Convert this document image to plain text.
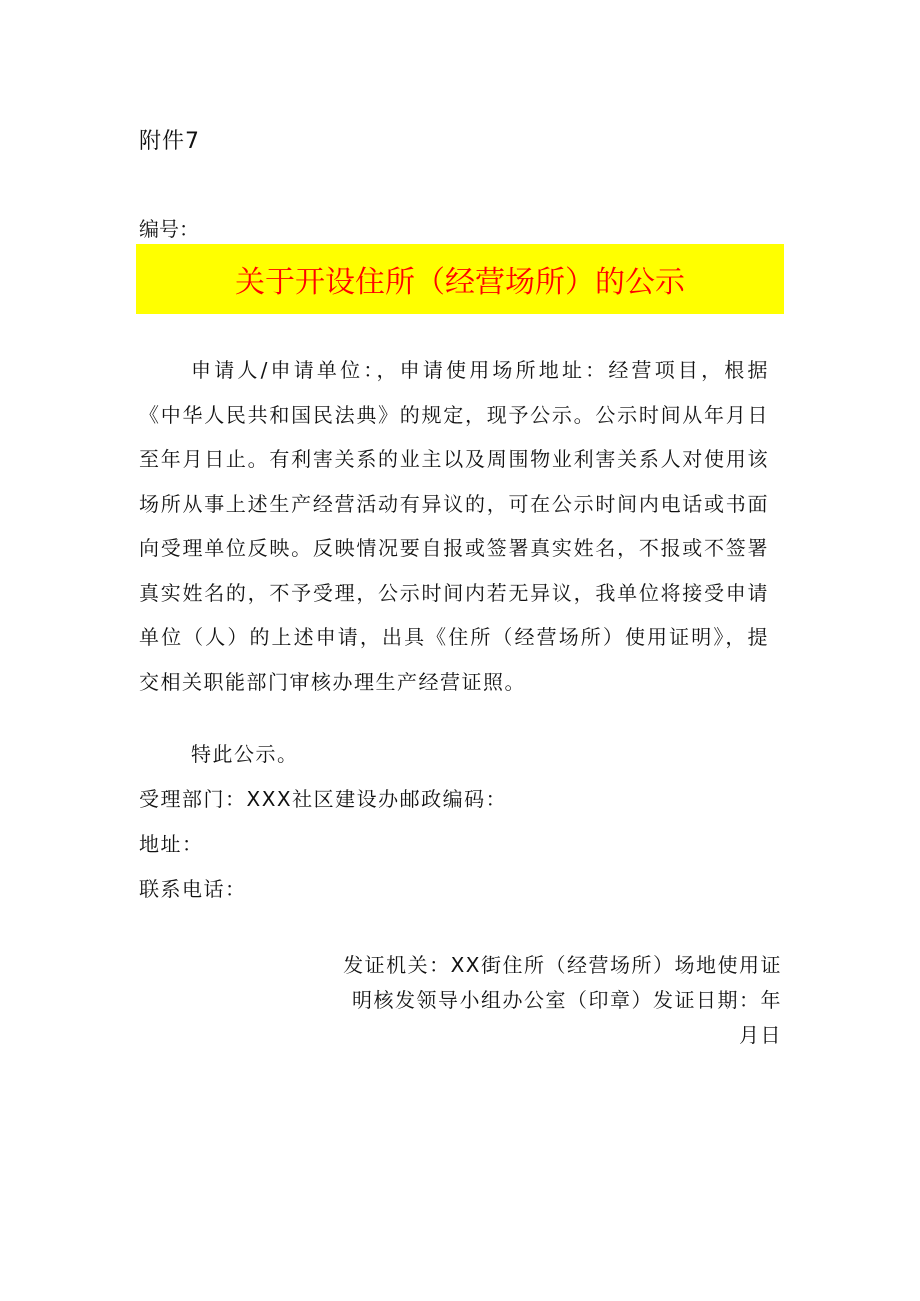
附件7
编号：
关于开设住所（经营场所）的公示

申请人/申请单位：，申请使用场所地址：经营项目，根据《中华人民共和国民法典》的规定，现予公示。公示时间从年月日至年月日止。有利害关系的业主以及周围物业利害关系人对使用该场所从事上述生产经营活动有异议的，可在公示时间内电话或书面向受理单位反映。反映情况要自报或签署真实姓名，不报或不签署真实姓名的，不予受理，公示时间内若无异议，我单位将接受申请单位（人）的上述申请，出具《住所（经营场所）使用证明》，提交相关职能部门审核办理生产经营证照。

特此公示。
受理部门：XXX社区建设办邮政编码：
地址：
联系电话：

发证机关：XX街住所（经营场所）场地使用证明核发领导小组办公室（印章）发证日期：年月日
